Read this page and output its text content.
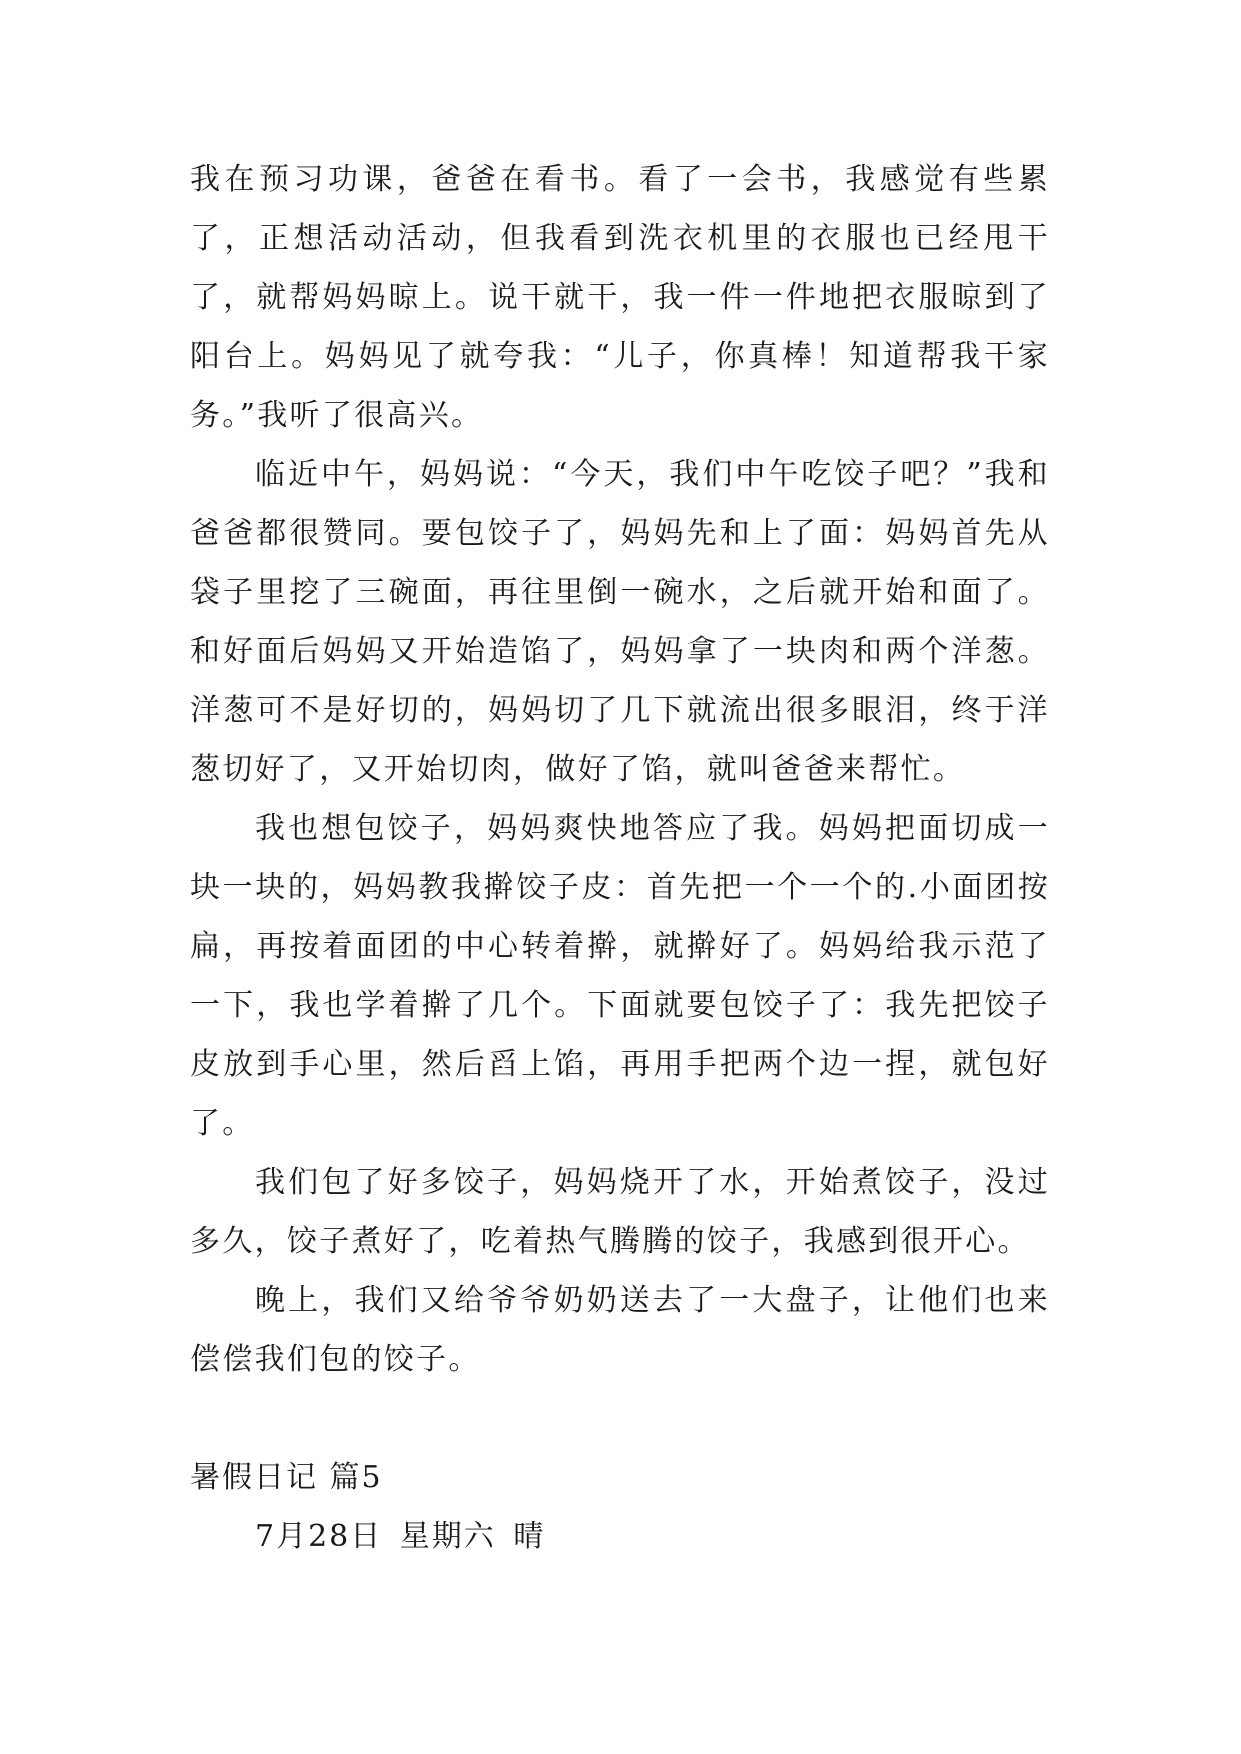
我在预习功课，爸爸在看书。看了一会书，我感觉有些累了，正想活动活动，但我看到洗衣机里的衣服也已经甩干了，就帮妈妈晾上。说干就干，我一件一件地把衣服晾到了阳台上。妈妈见了就夸我：“儿子，你真棒！知道帮我干家务。”我听了很高兴。

临近中午，妈妈说：“今天，我们中午吃饺子吧？”我和爸爸都很赞同。要包饺子了，妈妈先和上了面：妈妈首先从袋子里挖了三碗面，再往里倒一碗水，之后就开始和面了。和好面后妈妈又开始造馅了，妈妈拿了一块肉和两个洋葱。洋葱可不是好切的，妈妈切了几下就流出很多眼泪，终于洋葱切好了，又开始切肉，做好了馅，就叫爸爸来帮忙。

我也想包饺子，妈妈爽快地答应了我。妈妈把面切成一块一块的，妈妈教我擀饺子皮：首先把一个一个的.小面团按扁，再按着面团的中心转着擀，就擀好了。妈妈给我示范了一下，我也学着擀了几个。下面就要包饺子了：我先把饺子皮放到手心里，然后舀上馅，再用手把两个边一捏，就包好了。

我们包了好多饺子，妈妈烧开了水，开始煮饺子，没过多久，饺子煮好了，吃着热气腾腾的饺子，我感到很开心。

晚上，我们又给爷爷奶奶送去了一大盘子，让他们也来偿偿我们包的饺子。

暑假日记 篇5

7月28日 星期六 晴
